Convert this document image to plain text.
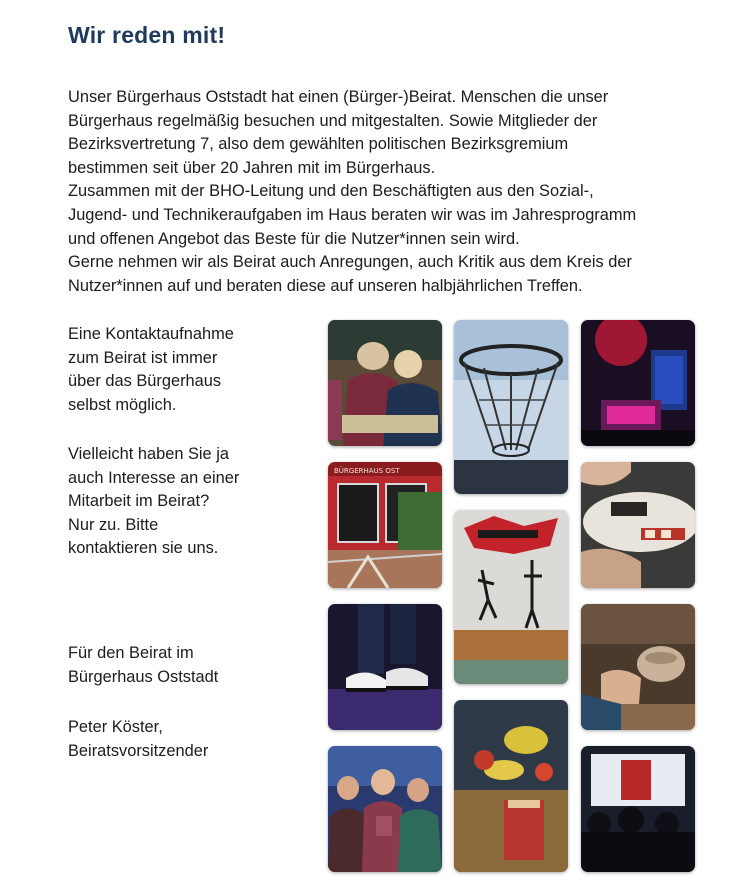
Wir reden mit!

Unser Bürgerhaus Oststadt hat einen (Bürger-)Beirat. Menschen die unser

Bürgerhaus regelmäßig besuchen und mitgestalten. Sowie Mitglieder der

Bezirksvertretung 7, also dem gewählten politischen Bezirksgremium

bestimmen seit über 20 Jahren mit im Bürgerhaus.

Zusammen mit der BHO-Leitung und den Beschäftigten aus den Sozial-,

Jugend- und Technikeraufgaben im Haus beraten wir was im Jahresprogramm

und offenen Angebot das Beste für die Nutzer*innen sein wird.

Gerne nehmen wir als Beirat auch Anregungen, auch Kritik aus dem Kreis der

Nutzer*innen auf und beraten diese auf unseren halbjährlichen Treffen.

Eine Kontaktaufnahme

zum Beirat ist immer

über das Bürgerhaus

selbst möglich.

Vielleicht haben Sie ja

auch Interesse an einer

Mitarbeit im Beirat?

Nur zu. Bitte

kontaktieren sie uns.

Für den Beirat im

Bürgerhaus Oststadt

Peter Köster,

Beiratsvorsitzender

BÜRGERHAUS OST
